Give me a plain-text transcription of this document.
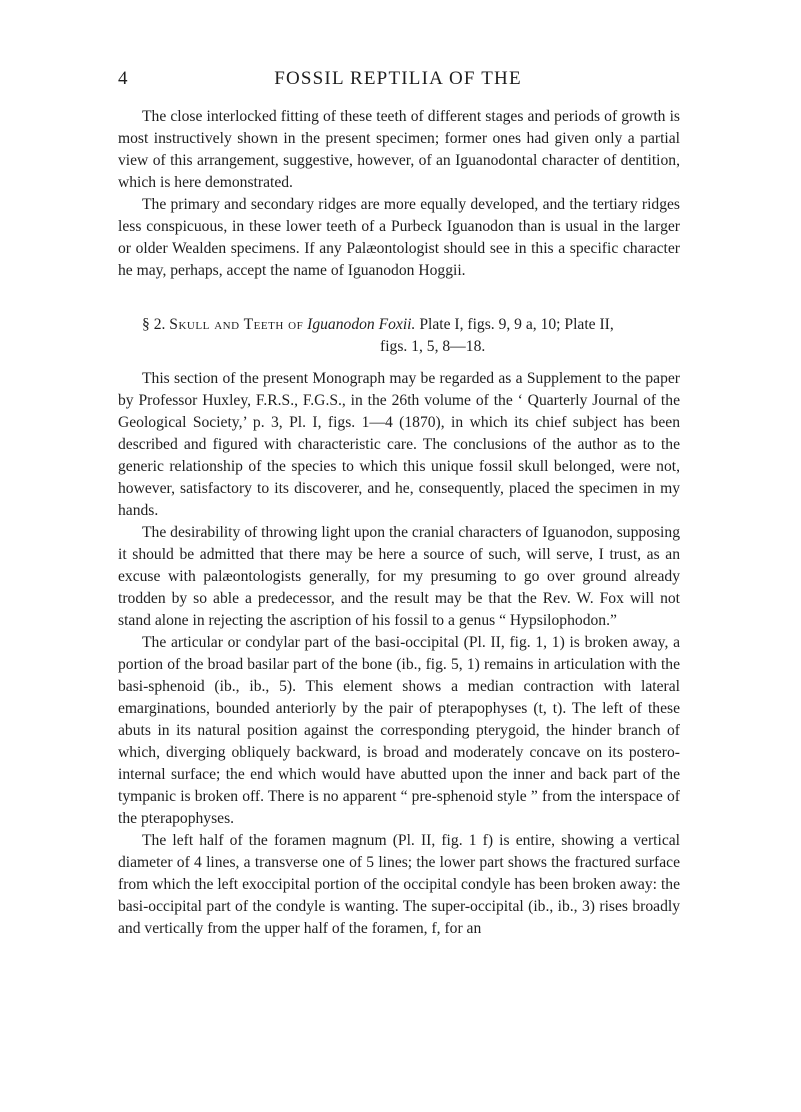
4	FOSSIL REPTILIA OF THE

The close interlocked fitting of these teeth of different stages and periods of growth is most instructively shown in the present specimen; former ones had given only a partial view of this arrangement, suggestive, however, of an Iguanodontal character of dentition, which is here demonstrated.

The primary and secondary ridges are more equally developed, and the tertiary ridges less conspicuous, in these lower teeth of a Purbeck Iguanodon than is usual in the larger or older Wealden specimens. If any Palæontologist should see in this a specific character he may, perhaps, accept the name of Iguanodon Hoggii.

§ 2. Skull and Teeth of Iguanodon Foxii. Plate I, figs. 9, 9 a, 10; Plate II,

figs. 1, 5, 8—18.

This section of the present Monograph may be regarded as a Supplement to the paper by Professor Huxley, F.R.S., F.G.S., in the 26th volume of the ‘ Quarterly Journal of the Geological Society,’ p. 3, Pl. I, figs. 1—4 (1870), in which its chief subject has been described and figured with characteristic care. The conclusions of the author as to the generic relationship of the species to which this unique fossil skull belonged, were not, however, satisfactory to its discoverer, and he, consequently, placed the specimen in my hands.

The desirability of throwing light upon the cranial characters of Iguanodon, supposing it should be admitted that there may be here a source of such, will serve, I trust, as an excuse with palæontologists generally, for my presuming to go over ground already trodden by so able a predecessor, and the result may be that the Rev. W. Fox will not stand alone in rejecting the ascription of his fossil to a genus “ Hypsilophodon.”

The articular or condylar part of the basi-occipital (Pl. II, fig. 1, 1) is broken away, a portion of the broad basilar part of the bone (ib., fig. 5, 1) remains in articulation with the basi-sphenoid (ib., ib., 5). This element shows a median contraction with lateral emarginations, bounded anteriorly by the pair of pterapophyses (t, t). The left of these abuts in its natural position against the corresponding pterygoid, the hinder branch of which, diverging obliquely backward, is broad and moderately concave on its postero-internal surface; the end which would have abutted upon the inner and back part of the tympanic is broken off. There is no apparent “ pre-sphenoid style ” from the interspace of the pterapophyses.

The left half of the foramen magnum (Pl. II, fig. 1 f) is entire, showing a vertical diameter of 4 lines, a transverse one of 5 lines; the lower part shows the fractured surface from which the left exoccipital portion of the occipital condyle has been broken away: the basi-occipital part of the condyle is wanting. The super-occipital (ib., ib., 3) rises broadly and vertically from the upper half of the foramen, f, for an
